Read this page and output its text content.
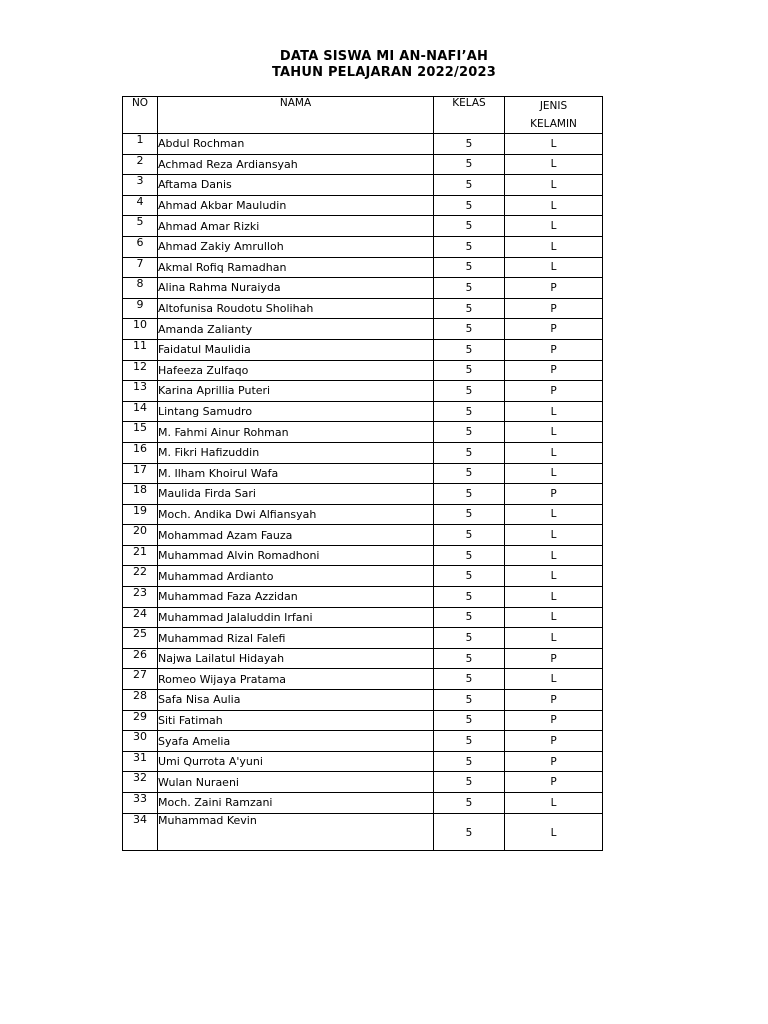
DATA SISWA MI AN-NAFI’AH
TAHUN PELAJARAN 2022/2023
NO	NAMA	KELAS	JENIS
KELAMIN

1	Abdul Rochman	5	L
2	Achmad Reza Ardiansyah	5	L
3	Aftama Danis	5	L
4	Ahmad Akbar Mauludin	5	L
5	Ahmad Amar Rizki	5	L
6	Ahmad Zakiy Amrulloh	5	L
7	Akmal Rofiq Ramadhan	5	L
8	Alina Rahma Nuraiyda	5	P
9	Altofunisa Roudotu Sholihah	5	P
10	Amanda Zalianty	5	P
11	Faidatul Maulidia	5	P
12	Hafeeza Zulfaqo	5	P
13	Karina Aprillia Puteri	5	P
14	Lintang Samudro	5	L
15	M. Fahmi Ainur Rohman	5	L
16	M. Fikri Hafizuddin	5	L
17	M. Ilham Khoirul Wafa	5	L
18	Maulida Firda Sari	5	P
19	Moch. Andika Dwi Alfiansyah	5	L
20	Mohammad Azam Fauza	5	L
21	Muhammad Alvin Romadhoni	5	L
22	Muhammad Ardianto	5	L
23	Muhammad Faza Azzidan	5	L
24	Muhammad Jalaluddin Irfani	5	L
25	Muhammad Rizal Falefi	5	L
26	Najwa Lailatul Hidayah	5	P
27	Romeo Wijaya Pratama	5	L
28	Safa Nisa Aulia	5	P
29	Siti Fatimah	5	P
30	Syafa Amelia	5	P
31	Umi Qurrota A'yuni	5	P
32	Wulan Nuraeni	5	P
33	Moch. Zaini Ramzani	5	L
34	Muhammad Kevin	5	L
